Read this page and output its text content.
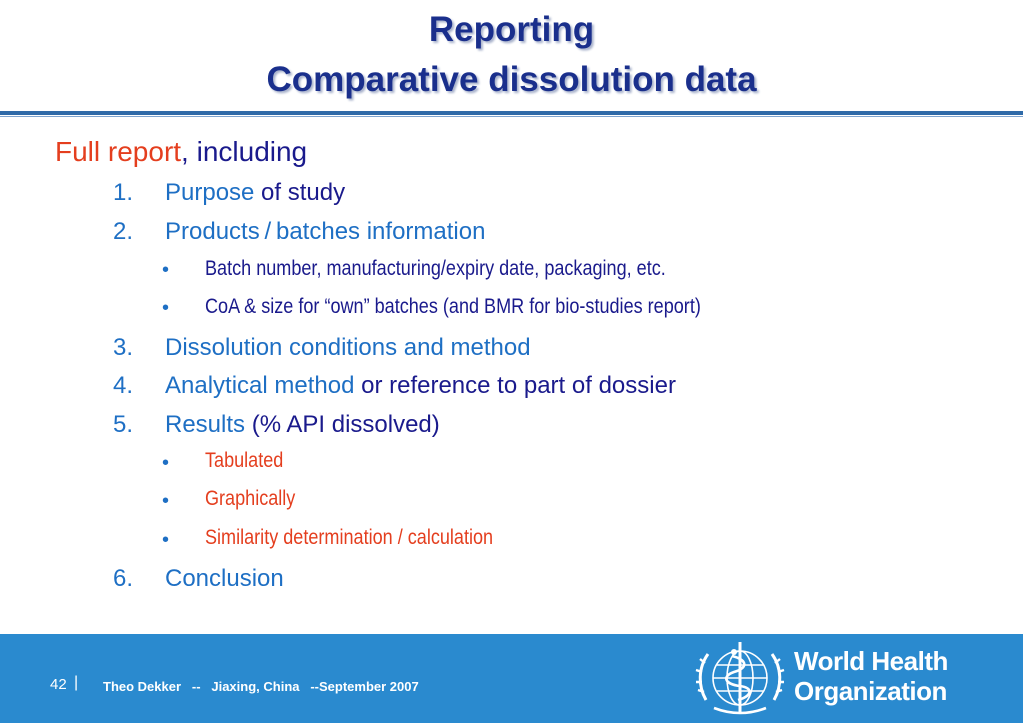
Reporting
Comparative dissolution data
Full report, including
1. Purpose of study
2. Products / batches information
• Batch number, manufacturing/expiry date, packaging, etc.
• CoA & size for “own” batches (and BMR for bio-studies report)
3. Dissolution conditions and method
4. Analytical method or reference to part of dossier
5. Results (% API dissolved)
• Tabulated
• Graphically
• Similarity determination / calculation
6. Conclusion
42 | Theo Dekker   --   Jiaxing, China   --September 2007
World Health
Organization
